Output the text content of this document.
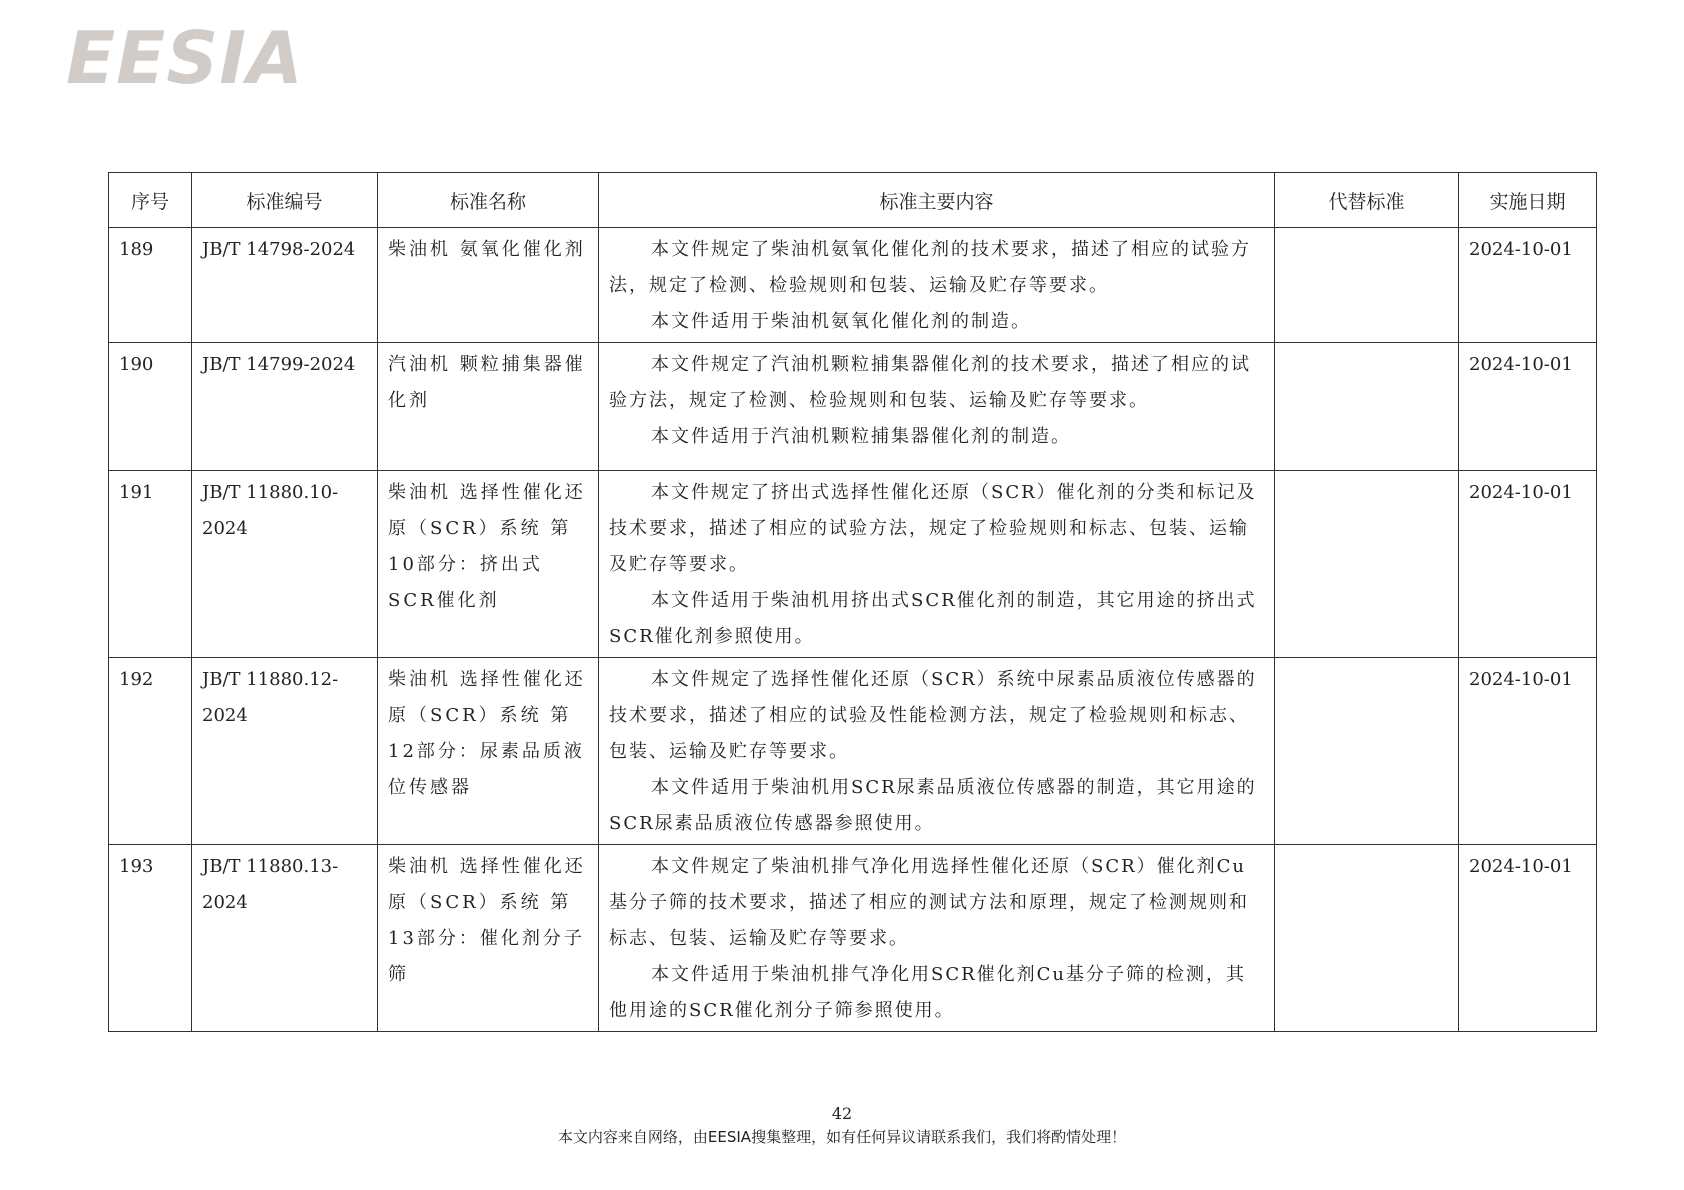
EESIA
序号	标准编号	标准名称	标准主要内容	代替标准	实施日期
189	JB/T 14798-2024	柴油机 氨氧化催化剂	本文件规定了柴油机氨氧化催化剂的技术要求，描述了相应的试验方法，规定了检测、检验规则和包装、运输及贮存等要求。

本文件适用于柴油机氨氧化催化剂的制造。		2024-10-01
190	JB/T 14799-2024	汽油机 颗粒捕集器催化剂	本文件规定了汽油机颗粒捕集器催化剂的技术要求，描述了相应的试验方法，规定了检测、检验规则和包装、运输及贮存等要求。

本文件适用于汽油机颗粒捕集器催化剂的制造。		2024-10-01
191	JB/T 11880.10-2024	柴油机 选择性催化还原（SCR）系统 第10部分：挤出式SCR催化剂	本文件规定了挤出式选择性催化还原（SCR）催化剂的分类和标记及技术要求，描述了相应的试验方法，规定了检验规则和标志、包装、运输及贮存等要求。

本文件适用于柴油机用挤出式SCR催化剂的制造，其它用途的挤出式SCR催化剂参照使用。		2024-10-01
192	JB/T 11880.12-2024	柴油机 选择性催化还原（SCR）系统 第12部分：尿素品质液位传感器	本文件规定了选择性催化还原（SCR）系统中尿素品质液位传感器的技术要求，描述了相应的试验及性能检测方法，规定了检验规则和标志、包装、运输及贮存等要求。

本文件适用于柴油机用SCR尿素品质液位传感器的制造，其它用途的SCR尿素品质液位传感器参照使用。		2024-10-01
193	JB/T 11880.13-2024	柴油机 选择性催化还原（SCR）系统 第13部分：催化剂分子筛	本文件规定了柴油机排气净化用选择性催化还原（SCR）催化剂Cu基分子筛的技术要求，描述了相应的测试方法和原理，规定了检测规则和标志、包装、运输及贮存等要求。

本文件适用于柴油机排气净化用SCR催化剂Cu基分子筛的检测，其他用途的SCR催化剂分子筛参照使用。		2024-10-01
42
本文内容来自网络，由EESIA搜集整理，如有任何异议请联系我们，我们将酌情处理！
